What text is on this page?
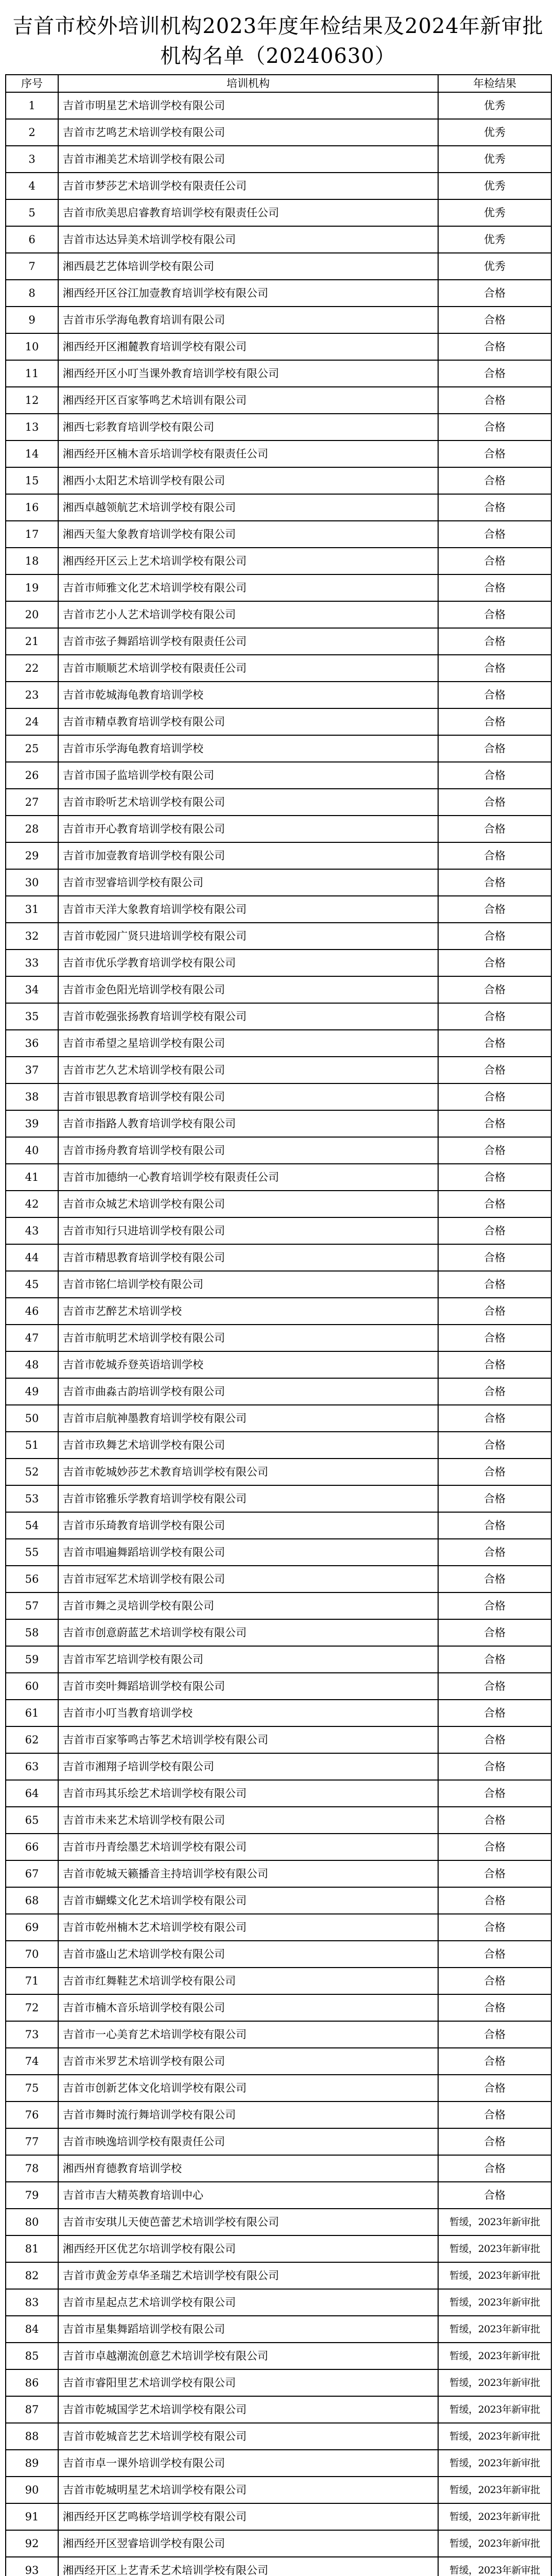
吉首市校外培训机构2023年度年检结果及2024年新审批
机构名单（20240630）
序号	培训机构	年检结果
1	吉首市明星艺术培训学校有限公司	优秀
2	吉首市艺鸣艺术培训学校有限公司	优秀
3	吉首市湘美艺术培训学校有限公司	优秀
4	吉首市梦莎艺术培训学校有限责任公司	优秀
5	吉首市欣美思启睿教育培训学校有限责任公司	优秀
6	吉首市达达异美术培训学校有限公司	优秀
7	湘西晨艺艺体培训学校有限公司	优秀
8	湘西经开区谷江加壹教育培训学校有限公司	合格
9	吉首市乐学海龟教育培训有限公司	合格
10	湘西经开区湘麓教育培训学校有限公司	合格
11	湘西经开区小叮当课外教育培训学校有限公司	合格
12	湘西经开区百家筝鸣艺术培训有限公司	合格
13	湘西七彩教育培训学校有限公司	合格
14	湘西经开区楠木音乐培训学校有限责任公司	合格
15	湘西小太阳艺术培训学校有限公司	合格
16	湘西卓越领航艺术培训学校有限公司	合格
17	湘西天玺大象教育培训学校有限公司	合格
18	湘西经开区云上艺术培训学校有限公司	合格
19	吉首市师雅文化艺术培训学校有限公司	合格
20	吉首市艺小人艺术培训学校有限公司	合格
21	吉首市弦子舞蹈培训学校有限责任公司	合格
22	吉首市顺顺艺术培训学校有限责任公司	合格
23	吉首市乾城海龟教育培训学校	合格
24	吉首市精卓教育培训学校有限公司	合格
25	吉首市乐学海龟教育培训学校	合格
26	吉首市国子监培训学校有限公司	合格
27	吉首市聆听艺术培训学校有限公司	合格
28	吉首市开心教育培训学校有限公司	合格
29	吉首市加壹教育培训学校有限公司	合格
30	吉首市翌睿培训学校有限公司	合格
31	吉首市天洋大象教育培训学校有限公司	合格
32	吉首市乾园广贤只进培训学校有限公司	合格
33	吉首市优乐学教育培训学校有限公司	合格
34	吉首市金色阳光培训学校有限公司	合格
35	吉首市乾强张扬教育培训学校有限公司	合格
36	吉首市希望之星培训学校有限公司	合格
37	吉首市艺久艺术培训学校有限公司	合格
38	吉首市银思教育培训学校有限公司	合格
39	吉首市指路人教育培训学校有限公司	合格
40	吉首市扬舟教育培训学校有限公司	合格
41	吉首市加德纳一心教育培训学校有限责任公司	合格
42	吉首市众城艺术培训学校有限公司	合格
43	吉首市知行只进培训学校有限公司	合格
44	吉首市精思教育培训学校有限公司	合格
45	吉首市铭仁培训学校有限公司	合格
46	吉首市艺醉艺术培训学校	合格
47	吉首市航明艺术培训学校有限公司	合格
48	吉首市乾城乔登英语培训学校	合格
49	吉首市曲淼古韵培训学校有限公司	合格
50	吉首市启航神墨教育培训学校有限公司	合格
51	吉首市玖舞艺术培训学校有限公司	合格
52	吉首市乾城妙莎艺术教育培训学校有限公司	合格
53	吉首市铭雅乐学教育培训学校有限公司	合格
54	吉首市乐琦教育培训学校有限公司	合格
55	吉首市唱遍舞蹈培训学校有限公司	合格
56	吉首市冠军艺术培训学校有限公司	合格
57	吉首市舞之灵培训学校有限公司	合格
58	吉首市创意蔚蓝艺术培训学校有限公司	合格
59	吉首市军艺培训学校有限公司	合格
60	吉首市奕叶舞蹈培训学校有限公司	合格
61	吉首市小叮当教育培训学校	合格
62	吉首市百家筝鸣古筝艺术培训学校有限公司	合格
63	吉首市湘翔子培训学校有限公司	合格
64	吉首市玛其乐绘艺术培训学校有限公司	合格
65	吉首市未来艺术培训学校有限公司	合格
66	吉首市丹青绘墨艺术培训学校有限公司	合格
67	吉首市乾城天籁播音主持培训学校有限公司	合格
68	吉首市蝴蝶文化艺术培训学校有限公司	合格
69	吉首市乾州楠木艺术培训学校有限公司	合格
70	吉首市盛山艺术培训学校有限公司	合格
71	吉首市红舞鞋艺术培训学校有限公司	合格
72	吉首市楠木音乐培训学校有限公司	合格
73	吉首市一心美育艺术培训学校有限公司	合格
74	吉首市米罗艺术培训学校有限公司	合格
75	吉首市创新艺体文化培训学校有限公司	合格
76	吉首市舞时流行舞培训学校有限公司	合格
77	吉首市映逸培训学校有限责任公司	合格
78	湘西州育德教育培训学校	合格
79	吉首市吉大精英教育培训中心	合格
80	吉首市安琪儿天使芭蕾艺术培训学校有限公司	暂缓，2023年新审批
81	湘西经开区优艺尔培训学校有限公司	暂缓，2023年新审批
82	吉首市黄金芳卓华圣瑞艺术培训学校有限公司	暂缓，2023年新审批
83	吉首市星起点艺术培训学校有限公司	暂缓，2023年新审批
84	吉首市星集舞蹈培训学校有限公司	暂缓，2023年新审批
85	吉首市卓越潮流创意艺术培训学校有限公司	暂缓，2023年新审批
86	吉首市睿阳里艺术培训学校有限公司	暂缓，2023年新审批
87	吉首市乾城国学艺术培训学校有限公司	暂缓，2023年新审批
88	吉首市乾城音艺艺术培训学校有限公司	暂缓，2023年新审批
89	吉首市卓一课外培训学校有限公司	暂缓，2023年新审批
90	吉首市乾城明星艺术培训学校有限公司	暂缓，2023年新审批
91	湘西经开区艺鸣栋学培训学校有限公司	暂缓，2023年新审批
92	湘西经开区翌睿培训学校有限公司	暂缓，2023年新审批
93	湘西经开区上艺青禾艺术培训学校有限公司	暂缓，2023年新审批
